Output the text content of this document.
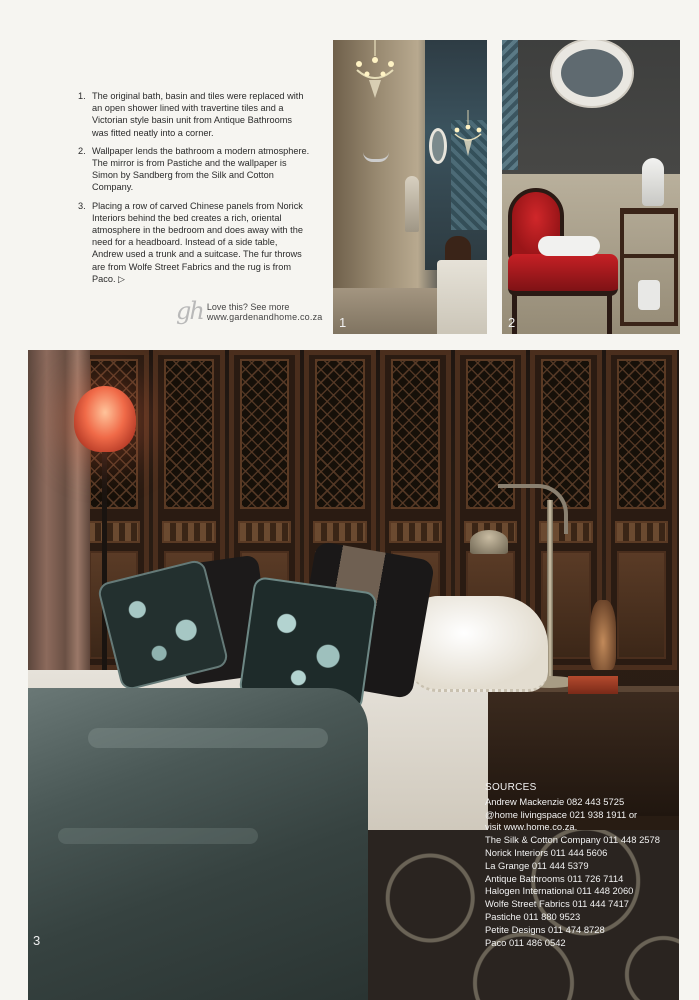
1. The original bath, basin and tiles were replaced with an open shower lined with travertine tiles and a Victorian style basin unit from Antique Bathrooms was fitted neatly into a corner.
2. Wallpaper lends the bathroom a modern atmosphere. The mirror is from Pastiche and the wallpaper is Simon by Sandberg from the Silk and Cotton Company.
3. Placing a row of carved Chinese panels from Norick Interiors behind the bed creates a rich, oriental atmosphere in the bedroom and does away with the need for a headboard. Instead of a side table, Andrew used a trunk and a suitcase. The fur throws are from Wolfe Street Fabrics and the rug is from Paco. ▷
gh Love this? See more
www.gardenandhome.co.za 1	2
3
SOURCES
Andrew Mackenzie 082 443 5725
@home livingspace 021 938 1911 or visit www.home.co.za.
The Silk & Cotton Company 011 448 2578
Norick Interiors 011 444 5606
La Grange 011 444 5379
Antique Bathrooms 011 726 7114
Halogen International 011 448 2060
Wolfe Street Fabrics 011 444 7417
Pastiche 011 880 9523
Petite Designs 011 474 8728
Paco 011 486 0542
